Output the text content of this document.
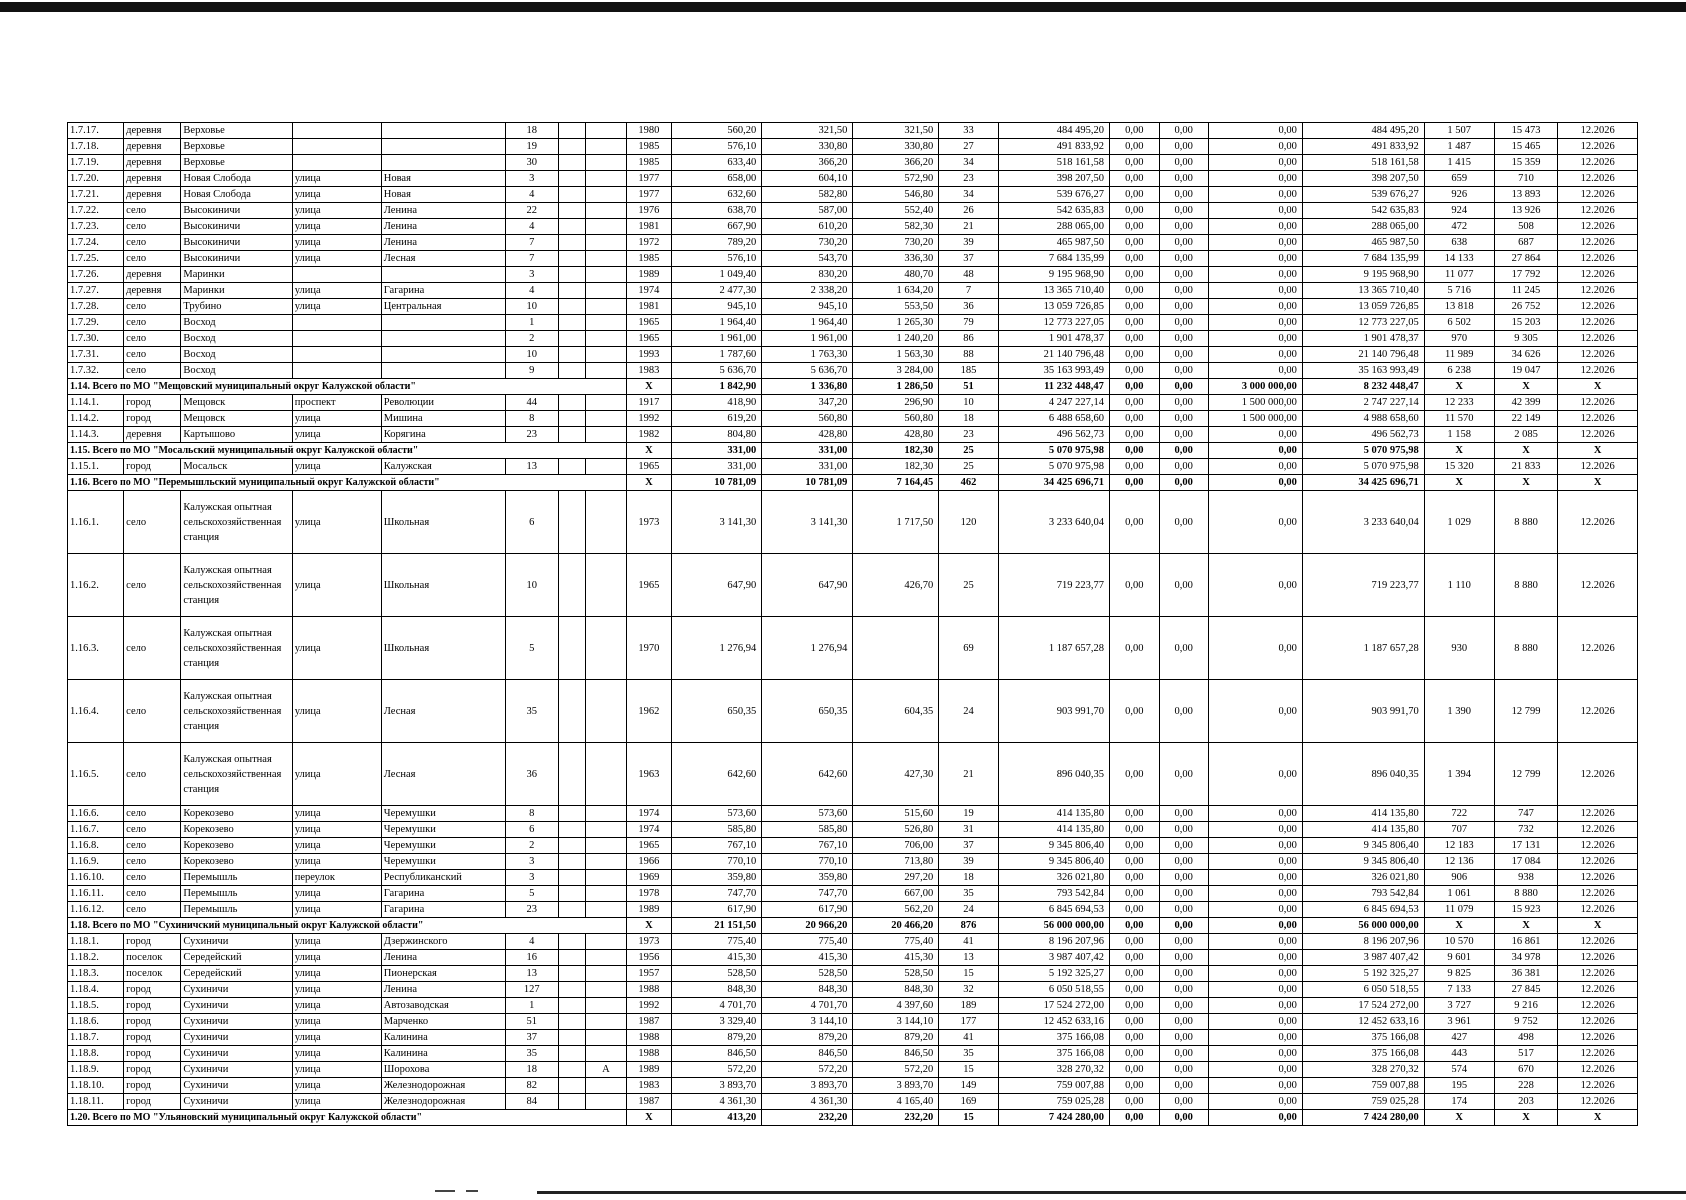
1.7.17.	деревня	Верховье			18			1980	560,20	321,50	321,50	33	484 495,20	0,00	0,00	0,00	484 495,20	1 507	15 473	12.2026
1.7.18.	деревня	Верховье			19			1985	576,10	330,80	330,80	27	491 833,92	0,00	0,00	0,00	491 833,92	1 487	15 465	12.2026
1.7.19.	деревня	Верховье			30			1985	633,40	366,20	366,20	34	518 161,58	0,00	0,00	0,00	518 161,58	1 415	15 359	12.2026
1.7.20.	деревня	Новая Слобода	улица	Новая	3			1977	658,00	604,10	572,90	23	398 207,50	0,00	0,00	0,00	398 207,50	659	710	12.2026
1.7.21.	деревня	Новая Слобода	улица	Новая	4			1977	632,60	582,80	546,80	34	539 676,27	0,00	0,00	0,00	539 676,27	926	13 893	12.2026
1.7.22.	село	Высокиничи	улица	Ленина	22			1976	638,70	587,00	552,40	26	542 635,83	0,00	0,00	0,00	542 635,83	924	13 926	12.2026
1.7.23.	село	Высокиничи	улица	Ленина	4			1981	667,90	610,20	582,30	21	288 065,00	0,00	0,00	0,00	288 065,00	472	508	12.2026
1.7.24.	село	Высокиничи	улица	Ленина	7			1972	789,20	730,20	730,20	39	465 987,50	0,00	0,00	0,00	465 987,50	638	687	12.2026
1.7.25.	село	Высокиничи	улица	Лесная	7			1985	576,10	543,70	336,30	37	7 684 135,99	0,00	0,00	0,00	7 684 135,99	14 133	27 864	12.2026
1.7.26.	деревня	Маринки			3			1989	1 049,40	830,20	480,70	48	9 195 968,90	0,00	0,00	0,00	9 195 968,90	11 077	17 792	12.2026
1.7.27.	деревня	Маринки	улица	Гагарина	4			1974	2 477,30	2 338,20	1 634,20	7	13 365 710,40	0,00	0,00	0,00	13 365 710,40	5 716	11 245	12.2026
1.7.28.	село	Трубино	улица	Центральная	10			1981	945,10	945,10	553,50	36	13 059 726,85	0,00	0,00	0,00	13 059 726,85	13 818	26 752	12.2026
1.7.29.	село	Восход			1			1965	1 964,40	1 964,40	1 265,30	79	12 773 227,05	0,00	0,00	0,00	12 773 227,05	6 502	15 203	12.2026
1.7.30.	село	Восход			2			1965	1 961,00	1 961,00	1 240,20	86	1 901 478,37	0,00	0,00	0,00	1 901 478,37	970	9 305	12.2026
1.7.31.	село	Восход			10			1993	1 787,60	1 763,30	1 563,30	88	21 140 796,48	0,00	0,00	0,00	21 140 796,48	11 989	34 626	12.2026
1.7.32.	село	Восход			9			1983	5 636,70	5 636,70	3 284,00	185	35 163 993,49	0,00	0,00	0,00	35 163 993,49	6 238	19 047	12.2026
1.14. Всего по МО "Мещовский муниципальный округ Калужской области"								X	1 842,90	1 336,80	1 286,50	51	11 232 448,47	0,00	0,00	3 000 000,00	8 232 448,47	X	X	X
1.14.1.	город	Мещовск	проспект	Революции	44			1917	418,90	347,20	296,90	10	4 247 227,14	0,00	0,00	1 500 000,00	2 747 227,14	12 233	42 399	12.2026
1.14.2.	город	Мещовск	улица	Мишина	8			1992	619,20	560,80	560,80	18	6 488 658,60	0,00	0,00	1 500 000,00	4 988 658,60	11 570	22 149	12.2026
1.14.3.	деревня	Картышово	улица	Корягина	23			1982	804,80	428,80	428,80	23	496 562,73	0,00	0,00	0,00	496 562,73	1 158	2 085	12.2026
1.15. Всего по МО "Мосальский муниципальный округ Калужской области"								X	331,00	331,00	182,30	25	5 070 975,98	0,00	0,00	0,00	5 070 975,98	X	X	X
1.15.1.	город	Мосальск	улица	Калужская	13			1965	331,00	331,00	182,30	25	5 070 975,98	0,00	0,00	0,00	5 070 975,98	15 320	21 833	12.2026
1.16. Всего по МО "Перемышльский муниципальный округ Калужской области"								X	10 781,09	10 781,09	7 164,45	462	34 425 696,71	0,00	0,00	0,00	34 425 696,71	X	X	X
1.16.1.	село	Калужская опытная сельскохозяйственная станция	улица	Школьная	6			1973	3 141,30	3 141,30	1 717,50	120	3 233 640,04	0,00	0,00	0,00	3 233 640,04	1 029	8 880	12.2026
1.16.2.	село	Калужская опытная сельскохозяйственная станция	улица	Школьная	10			1965	647,90	647,90	426,70	25	719 223,77	0,00	0,00	0,00	719 223,77	1 110	8 880	12.2026
1.16.3.	село	Калужская опытная сельскохозяйственная станция	улица	Школьная	5			1970	1 276,94	1 276,94		69	1 187 657,28	0,00	0,00	0,00	1 187 657,28	930	8 880	12.2026
1.16.4.	село	Калужская опытная сельскохозяйственная станция	улица	Лесная	35			1962	650,35	650,35	604,35	24	903 991,70	0,00	0,00	0,00	903 991,70	1 390	12 799	12.2026
1.16.5.	село	Калужская опытная сельскохозяйственная станция	улица	Лесная	36			1963	642,60	642,60	427,30	21	896 040,35	0,00	0,00	0,00	896 040,35	1 394	12 799	12.2026
1.16.6.	село	Корекозево	улица	Черемушки	8			1974	573,60	573,60	515,60	19	414 135,80	0,00	0,00	0,00	414 135,80	722	747	12.2026
1.16.7.	село	Корекозево	улица	Черемушки	6			1974	585,80	585,80	526,80	31	414 135,80	0,00	0,00	0,00	414 135,80	707	732	12.2026
1.16.8.	село	Корекозево	улица	Черемушки	2			1965	767,10	767,10	706,00	37	9 345 806,40	0,00	0,00	0,00	9 345 806,40	12 183	17 131	12.2026
1.16.9.	село	Корекозево	улица	Черемушки	3			1966	770,10	770,10	713,80	39	9 345 806,40	0,00	0,00	0,00	9 345 806,40	12 136	17 084	12.2026
1.16.10.	село	Перемышль	переулок	Республиканский	3			1969	359,80	359,80	297,20	18	326 021,80	0,00	0,00	0,00	326 021,80	906	938	12.2026
1.16.11.	село	Перемышль	улица	Гагарина	5			1978	747,70	747,70	667,00	35	793 542,84	0,00	0,00	0,00	793 542,84	1 061	8 880	12.2026
1.16.12.	село	Перемышль	улица	Гагарина	23			1989	617,90	617,90	562,20	24	6 845 694,53	0,00	0,00	0,00	6 845 694,53	11 079	15 923	12.2026
1.18. Всего по МО "Сухиничский муниципальный округ Калужской области"								X	21 151,50	20 966,20	20 466,20	876	56 000 000,00	0,00	0,00	0,00	56 000 000,00	X	X	X
1.18.1.	город	Сухиничи	улица	Дзержинского	4			1973	775,40	775,40	775,40	41	8 196 207,96	0,00	0,00	0,00	8 196 207,96	10 570	16 861	12.2026
1.18.2.	поселок	Середейский	улица	Ленина	16			1956	415,30	415,30	415,30	13	3 987 407,42	0,00	0,00	0,00	3 987 407,42	9 601	34 978	12.2026
1.18.3.	поселок	Середейский	улица	Пионерская	13			1957	528,50	528,50	528,50	15	5 192 325,27	0,00	0,00	0,00	5 192 325,27	9 825	36 381	12.2026
1.18.4.	город	Сухиничи	улица	Ленина	127			1988	848,30	848,30	848,30	32	6 050 518,55	0,00	0,00	0,00	6 050 518,55	7 133	27 845	12.2026
1.18.5.	город	Сухиничи	улица	Автозаводская	1			1992	4 701,70	4 701,70	4 397,60	189	17 524 272,00	0,00	0,00	0,00	17 524 272,00	3 727	9 216	12.2026
1.18.6.	город	Сухиничи	улица	Марченко	51			1987	3 329,40	3 144,10	3 144,10	177	12 452 633,16	0,00	0,00	0,00	12 452 633,16	3 961	9 752	12.2026
1.18.7.	город	Сухиничи	улица	Калинина	37			1988	879,20	879,20	879,20	41	375 166,08	0,00	0,00	0,00	375 166,08	427	498	12.2026
1.18.8.	город	Сухиничи	улица	Калинина	35			1988	846,50	846,50	846,50	35	375 166,08	0,00	0,00	0,00	375 166,08	443	517	12.2026
1.18.9.	город	Сухиничи	улица	Шорохова	18		А	1989	572,20	572,20	572,20	15	328 270,32	0,00	0,00	0,00	328 270,32	574	670	12.2026
1.18.10.	город	Сухиничи	улица	Железнодорожная	82			1983	3 893,70	3 893,70	3 893,70	149	759 007,88	0,00	0,00	0,00	759 007,88	195	228	12.2026
1.18.11.	город	Сухиничи	улица	Железнодорожная	84			1987	4 361,30	4 361,30	4 165,40	169	759 025,28	0,00	0,00	0,00	759 025,28	174	203	12.2026
1.20. Всего по МО "Ульяновский муниципальный округ Калужской области"								X	413,20	232,20	232,20	15	7 424 280,00	0,00	0,00	0,00	7 424 280,00	X	X	X
